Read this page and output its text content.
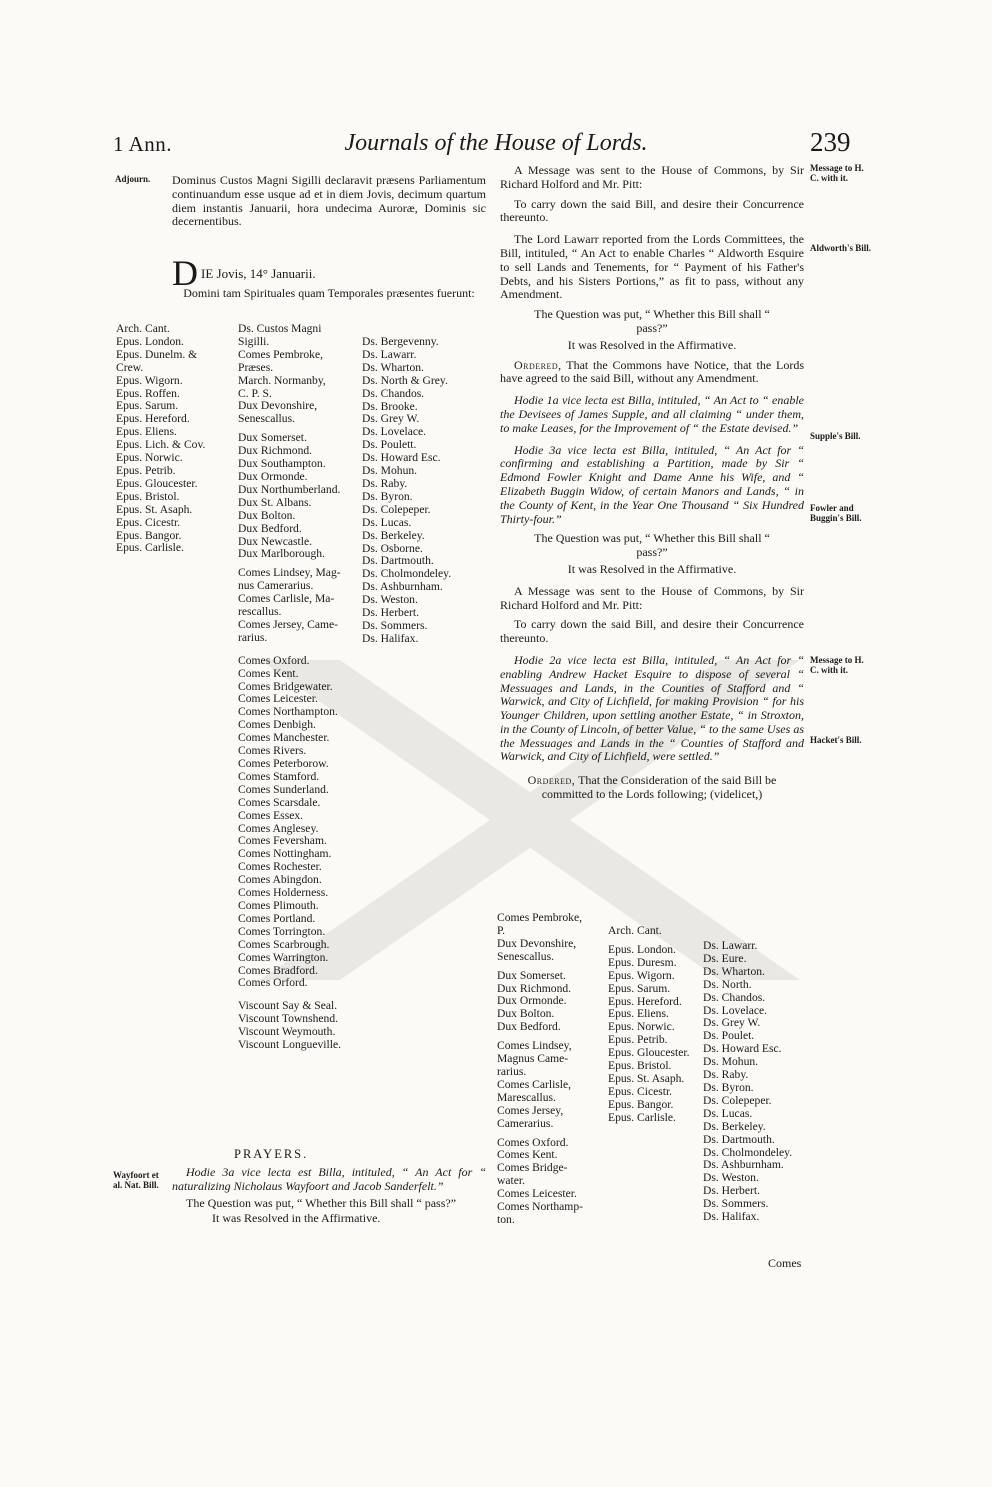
1 Ann.	Journals of the House of Lords.	239
Adjourn.
Wayfoort et al. Nat. Bill.
Message to H. C. with it.
Aldworth's Bill.
Supple's Bill.
Fowler and Buggin's Bill.
Message to H. C. with it.
Hacket's Bill.

Dominus Custos Magni Sigilli declaravit præsens Parliamentum continuandum esse usque ad et in diem Jovis, decimum quartum diem instantis Januarii, hora undecima Auroræ, Dominis sic decernentibus.

D IE Jovis, 14° Januarii.
Domini tam Spirituales quam Temporales præsentes fuerunt:
Arch. Cant.
Epus. London.
Epus. Dunelm. &
Crew.
Epus. Wigorn.
Epus. Roffen.
Epus. Sarum.
Epus. Hereford.
Epus. Eliens.
Epus. Lich. & Cov.
Epus. Norwic.
Epus. Petrib.
Epus. Gloucester.
Epus. Bristol.
Epus. St. Asaph.
Epus. Cicestr.
Epus. Bangor.
Epus. Carlisle.
Ds. Custos Magni
Sigilli.
Comes Pembroke,
Præses.
March. Normanby,
C. P. S.
Dux Devonshire,
Senescallus.

Dux Somerset.
Dux Richmond.
Dux Southampton.
Dux Ormonde.
Dux Northumberland.
Dux St. Albans.
Dux Bolton.
Dux Bedford.
Dux Newcastle.
Dux Marlborough.

Comes Lindsey, Mag-
nus Camerarius.
Comes Carlisle, Ma-
rescallus.
Comes Jersey, Came-
rarius.
Comes Oxford.
Comes Kent.
Comes Bridgewater.
Comes Leicester.
Comes Northampton.
Comes Denbigh.
Comes Manchester.
Comes Rivers.
Comes Peterborow.
Comes Stamford.
Comes Sunderland.
Comes Scarsdale.
Comes Essex.
Comes Anglesey.
Comes Feversham.
Comes Nottingham.
Comes Rochester.
Comes Abingdon.
Comes Holderness.
Comes Plimouth.
Comes Portland.
Comes Torrington.
Comes Scarbrough.
Comes Warrington.
Comes Bradford.
Comes Orford.
Viscount Say & Seal.
Viscount Townshend.
Viscount Weymouth.
Viscount Longueville.
Ds. Bergevenny.
Ds. Lawarr.
Ds. Wharton.
Ds. North & Grey.
Ds. Chandos.
Ds. Brooke.
Ds. Grey W.
Ds. Lovelace.
Ds. Poulett.
Ds. Howard Esc.
Ds. Mohun.
Ds. Raby.
Ds. Byron.
Ds. Colepeper.
Ds. Lucas.
Ds. Berkeley.
Ds. Osborne.
Ds. Dartmouth.
Ds. Cholmondeley.
Ds. Ashburnham.
Ds. Weston.
Ds. Herbert.
Ds. Sommers.
Ds. Halifax.
PRAYERS.

Hodie 3a vice lecta est Billa, intituled, “ An Act for “ naturalizing Nicholaus Wayfoort and Jacob Sanderfelt.”

The Question was put, “ Whether this Bill shall “ pass?”

It was Resolved in the Affirmative.

A Message was sent to the House of Commons, by Sir Richard Holford and Mr. Pitt:

To carry down the said Bill, and desire their Concurrence thereunto.

The Lord Lawarr reported from the Lords Committees, the Bill, intituled, “ An Act to enable Charles “ Aldworth Esquire to sell Lands and Tenements, for “ Payment of his Father's Debts, and his Sisters Portions,” as fit to pass, without any Amendment.

The Question was put, “ Whether this Bill shall “ pass?”

It was Resolved in the Affirmative.

Ordered, That the Commons have Notice, that the Lords have agreed to the said Bill, without any Amendment.

Hodie 1a vice lecta est Billa, intituled, “ An Act to “ enable the Devisees of James Supple, and all claiming “ under them, to make Leases, for the Improvement of “ the Estate devised.”

Hodie 3a vice lecta est Billa, intituled, “ An Act for “ confirming and establishing a Partition, made by Sir “ Edmond Fowler Knight and Dame Anne his Wife, and “ Elizabeth Buggin Widow, of certain Manors and Lands, “ in the County of Kent, in the Year One Thousand “ Six Hundred Thirty-four.”

The Question was put, “ Whether this Bill shall “ pass?”

It was Resolved in the Affirmative.

A Message was sent to the House of Commons, by Sir Richard Holford and Mr. Pitt:

To carry down the said Bill, and desire their Concurrence thereunto.

Hodie 2a vice lecta est Billa, intituled, “ An Act for “ enabling Andrew Hacket Esquire to dispose of several “ Messuages and Lands, in the Counties of Stafford and “ Warwick, and City of Lichfield, for making Provision “ for his Younger Children, upon settling another Estate, “ in Stroxton, in the County of Lincoln, of better Value, “ to the same Uses as the Messuages and Lands in the “ Counties of Stafford and Warwick, and City of Lichfield, were settled.”

Ordered, That the Consideration of the said Bill be committed to the Lords following; (videlicet,)

Comes Pembroke,
P.
Dux Devonshire,
Senescallus.

Dux Somerset.
Dux Richmond.
Dux Ormonde.
Dux Bolton.
Dux Bedford.

Comes Lindsey,
Magnus Came-
rarius.
Comes Carlisle,
Marescallus.
Comes Jersey,
Camerarius.

Comes Oxford.
Comes Kent.
Comes Bridge-
water.
Comes Leicester.
Comes Northamp-
ton.
Arch. Cant.

Epus. London.
Epus. Duresm.
Epus. Wigorn.
Epus. Sarum.
Epus. Hereford.
Epus. Eliens.
Epus. Norwic.
Epus. Petrib.
Epus. Gloucester.
Epus. Bristol.
Epus. St. Asaph.
Epus. Cicestr.
Epus. Bangor.
Epus. Carlisle.
Ds. Lawarr.
Ds. Eure.
Ds. Wharton.
Ds. North.
Ds. Chandos.
Ds. Lovelace.
Ds. Grey W.
Ds. Poulet.
Ds. Howard Esc.
Ds. Mohun.
Ds. Raby.
Ds. Byron.
Ds. Colepeper.
Ds. Lucas.
Ds. Berkeley.
Ds. Dartmouth.
Ds. Cholmondeley.
Ds. Ashburnham.
Ds. Weston.
Ds. Herbert.
Ds. Sommers.
Ds. Halifax.
Comes
